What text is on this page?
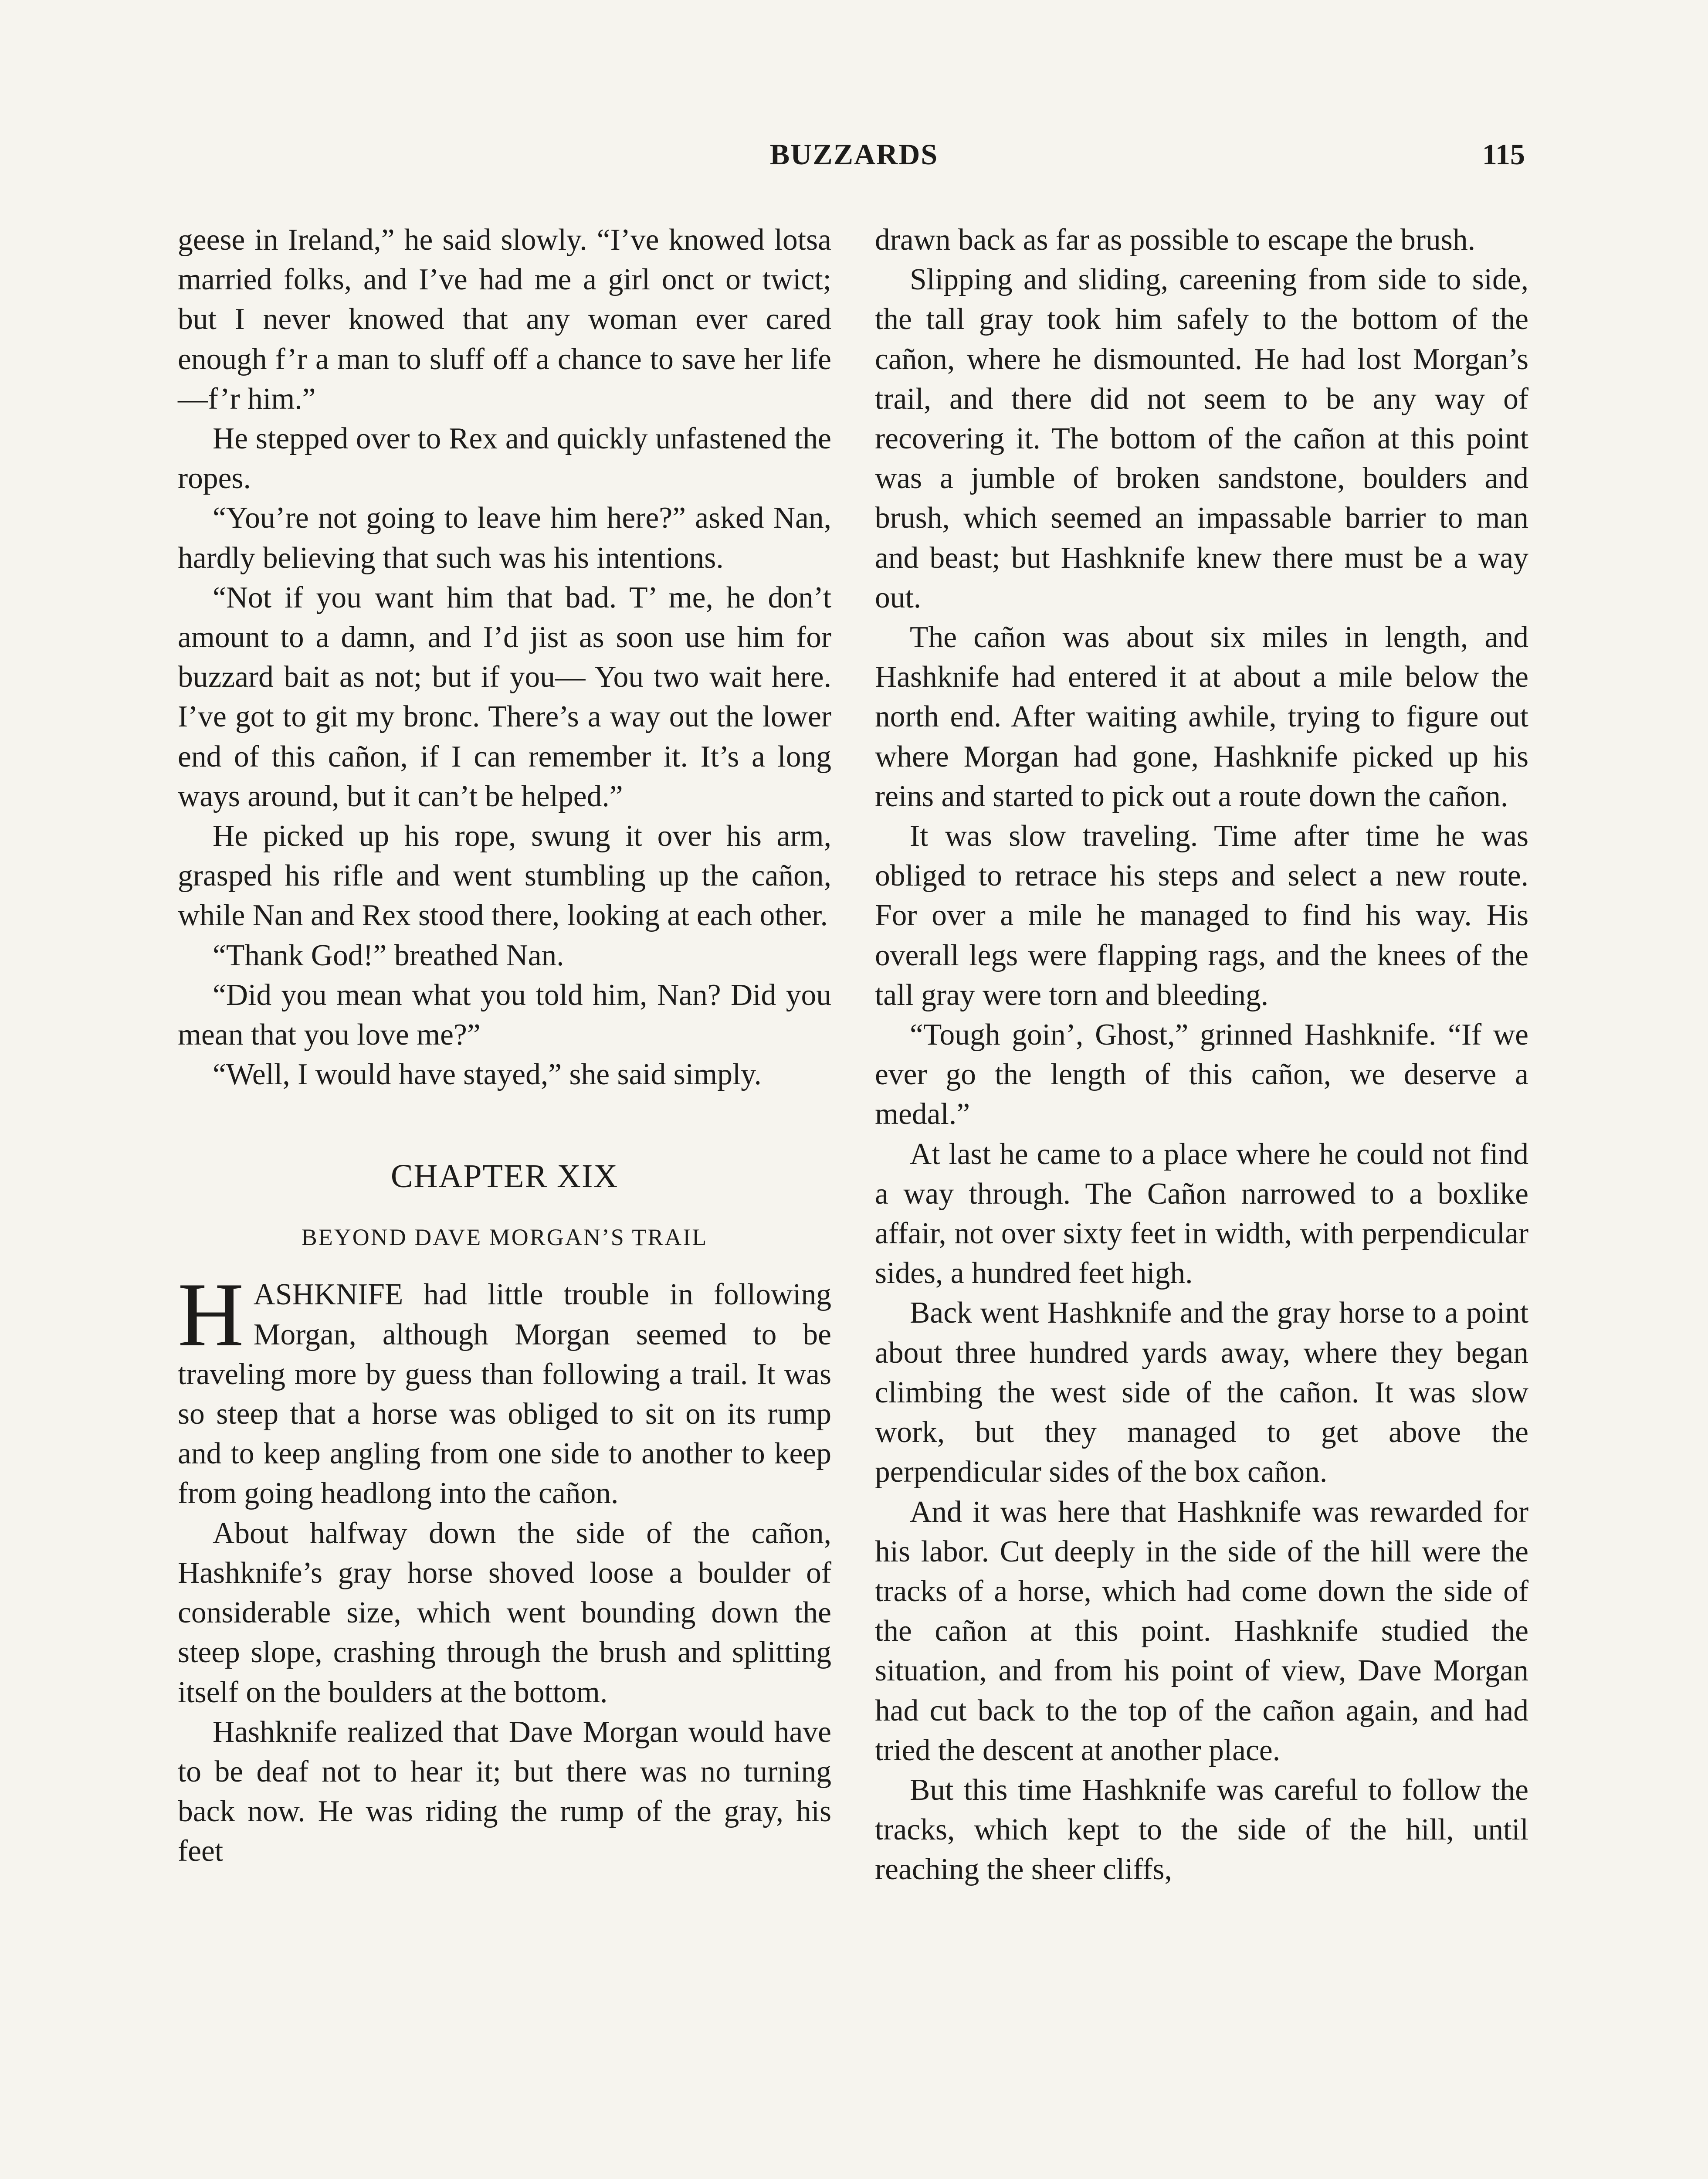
BUZZARDS	115

geese in Ireland,” he said slowly. “I’ve knowed lotsa married folks, and I’ve had me a girl onct or twict; but I never knowed that any woman ever cared enough f’r a man to sluff off a chance to save her life—f’r him.”

He stepped over to Rex and quickly unfastened the ropes.

“You’re not going to leave him here?” asked Nan, hardly believing that such was his intentions.

“Not if you want him that bad. T’ me, he don’t amount to a damn, and I’d jist as soon use him for buzzard bait as not; but if you— You two wait here. I’ve got to git my bronc. There’s a way out the lower end of this cañon, if I can remember it. It’s a long ways around, but it can’t be helped.”

He picked up his rope, swung it over his arm, grasped his rifle and went stumbling up the cañon, while Nan and Rex stood there, looking at each other.

“Thank God!” breathed Nan.

“Did you mean what you told him, Nan? Did you mean that you love me?”

“Well, I would have stayed,” she said simply.

CHAPTER XIX
BEYOND DAVE MORGAN’S TRAIL

HASHKNIFE had little trouble in following Morgan, although Morgan seemed to be traveling more by guess than following a trail. It was so steep that a horse was obliged to sit on its rump and to keep angling from one side to another to keep from going headlong into the cañon.

About halfway down the side of the cañon, Hashknife’s gray horse shoved loose a boulder of considerable size, which went bounding down the steep slope, crashing through the brush and splitting itself on the boulders at the bottom.

Hashknife realized that Dave Morgan would have to be deaf not to hear it; but there was no turning back now. He was riding the rump of the gray, his feet

drawn back as far as possible to escape the brush.

Slipping and sliding, careening from side to side, the tall gray took him safely to the bottom of the cañon, where he dismounted. He had lost Morgan’s trail, and there did not seem to be any way of recovering it. The bottom of the cañon at this point was a jumble of broken sandstone, boulders and brush, which seemed an impassable barrier to man and beast; but Hashknife knew there must be a way out.

The cañon was about six miles in length, and Hashknife had entered it at about a mile below the north end. After waiting awhile, trying to figure out where Morgan had gone, Hashknife picked up his reins and started to pick out a route down the cañon.

It was slow traveling. Time after time he was obliged to retrace his steps and select a new route. For over a mile he managed to find his way. His overall legs were flapping rags, and the knees of the tall gray were torn and bleeding.

“Tough goin’, Ghost,” grinned Hashknife. “If we ever go the length of this cañon, we deserve a medal.”

At last he came to a place where he could not find a way through. The Cañon narrowed to a boxlike affair, not over sixty feet in width, with perpendicular sides, a hundred feet high.

Back went Hashknife and the gray horse to a point about three hundred yards away, where they began climbing the west side of the cañon. It was slow work, but they managed to get above the perpendicular sides of the box cañon.

And it was here that Hashknife was rewarded for his labor. Cut deeply in the side of the hill were the tracks of a horse, which had come down the side of the cañon at this point. Hashknife studied the situation, and from his point of view, Dave Morgan had cut back to the top of the cañon again, and had tried the descent at another place.

But this time Hashknife was careful to follow the tracks, which kept to the side of the hill, until reaching the sheer cliffs,
